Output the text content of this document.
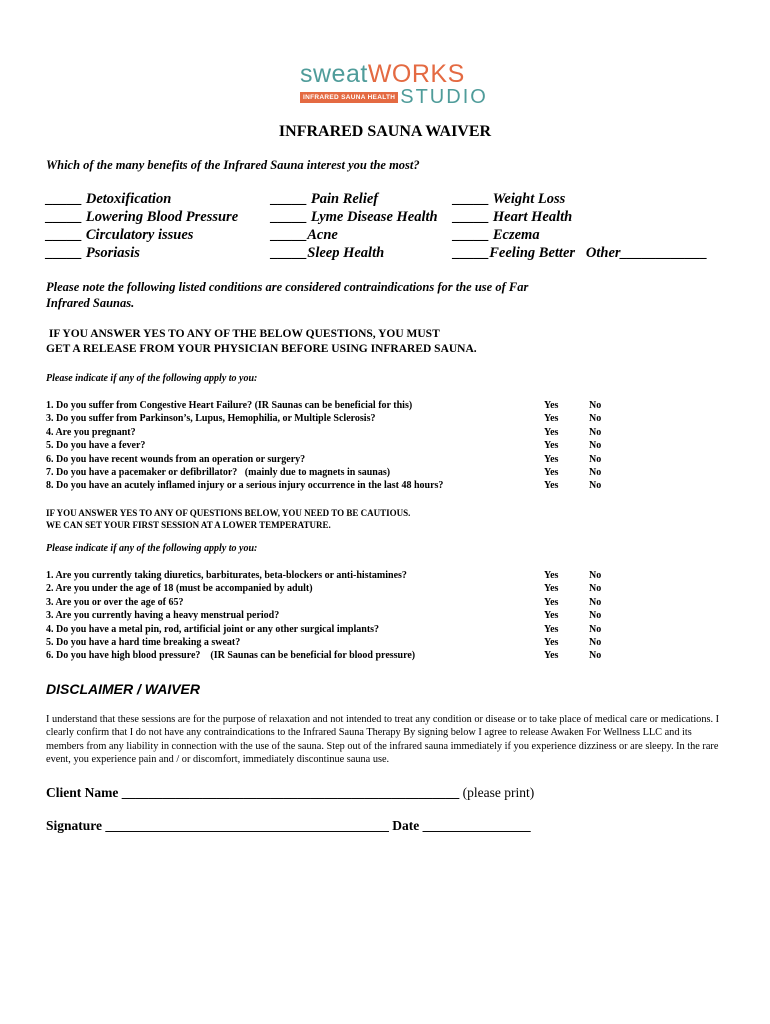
sweatWORKS
INFRARED SAUNA HEALTH STUDIO
INFRARED SAUNA WAIVER
Which of the many benefits of the Infrared Sauna interest you the most?
_____ Detoxification
_____ Lowering Blood Pressure
_____ Circulatory issues
_____ Psoriasis
_____ Pain Relief
_____ Lyme Disease Health
_____Acne
_____Sleep Health
_____ Weight Loss
_____ Heart Health
_____ Eczema
_____Feeling Better   Other____________
Please note the following listed conditions are considered contraindications for the use of Far Infrared Saunas.
IF YOU ANSWER YES TO ANY OF THE BELOW QUESTIONS, YOU MUST
GET A RELEASE FROM YOUR PHYSICIAN BEFORE USING INFRARED SAUNA.
Please indicate if any of the following apply to you:
1. Do you suffer from Congestive Heart Failure? (IR Saunas can be beneficial for this)	Yes	No
3. Do you suffer from Parkinson’s, Lupus, Hemophilia, or Multiple Sclerosis?	Yes	No
4. Are you pregnant?	Yes	No
5. Do you have a fever?	Yes	No
6. Do you have recent wounds from an operation or surgery?	Yes	No
7. Do you have a pacemaker or defibrillator?   (mainly due to magnets in saunas)	Yes	No
8. Do you have an acutely inflamed injury or a serious injury occurrence in the last 48 hours?	Yes	No
IF YOU ANSWER YES TO ANY OF QUESTIONS BELOW, YOU NEED TO BE CAUTIOUS.
WE CAN SET YOUR FIRST SESSION AT A LOWER TEMPERATURE.
Please indicate if any of the following apply to you:
1. Are you currently taking diuretics, barbiturates, beta-blockers or anti-histamines?	Yes	No
2. Are you under the age of 18 (must be accompanied by adult)	Yes	No
3. Are you or over the age of 65?	Yes	No
3. Are you currently having a heavy menstrual period?	Yes	No
4. Do you have a metal pin, rod, artificial joint or any other surgical implants?	Yes	No
5. Do you have a hard time breaking a sweat?	Yes	No
6. Do you have high blood pressure?    (IR Saunas can be beneficial for blood pressure)	Yes	No
DISCLAIMER / WAIVER
I understand that these sessions are for the purpose of relaxation and not intended to treat any condition or disease or to take place of medical care or medications. I clearly confirm that I do not have any contraindications to the Infrared Sauna Therapy By signing below I agree to release Awaken For Wellness LLC and its members from any liability in connection with the use of the sauna. Step out of the infrared sauna immediately if you experience dizziness or are sleepy. In the rare event, you experience pain and / or discomfort, immediately discontinue sauna use.
Client Name __________________________________________________ (please print)
Signature __________________________________________ Date ________________
